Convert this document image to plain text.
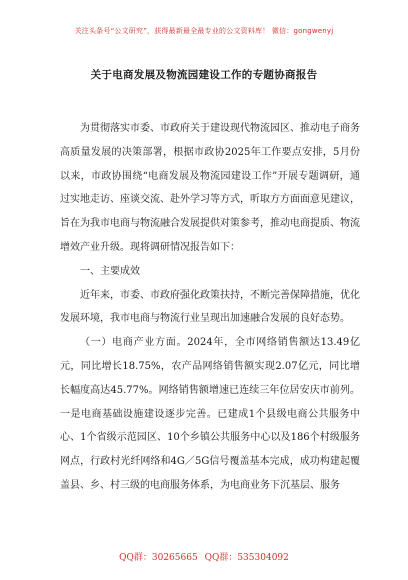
关注头条号“公文研究”，获得最新最全最专业的公文资料库！ 微信：gongwenyj
关于电商发展及物流园建设工作的专题协商报告

为贯彻落实市委、市政府关于建设现代物流园区、推动电子商务高质量发展的决策部署，根据市政协2025年工作要点安排，5月份以来，市政协围绕“电商发展及物流园建设工作”开展专题调研，通过实地走访、座谈交流、赴外学习等方式，听取方方面面意见建议，旨在为我市电商与物流融合发展提供对策参考，推动电商提质、物流增效产业升级。现将调研情况报告如下：

一、主要成效

近年来，市委、市政府强化政策扶持，不断完善保障措施，优化发展环境，我市电商与物流行业呈现出加速融合发展的良好态势。

（一）电商产业方面。2024年，全市网络销售额达13.49亿元，同比增长18.75%，农产品网络销售额实现2.07亿元，同比增长幅度高达45.77%。网络销售额增速已连续三年位居安庆市前列。一是电商基础设施建设逐步完善。已建成1个县级电商公共服务中心、1个省级示范园区、10个乡镇公共服务中心以及186个村级服务网点，行政村光纤网络和4G／5G信号覆盖基本完成，成功构建起覆盖县、乡、村三级的电商服务体系，为电商业务下沉基层、服务

QQ群：30265665 QQ群：535304092
